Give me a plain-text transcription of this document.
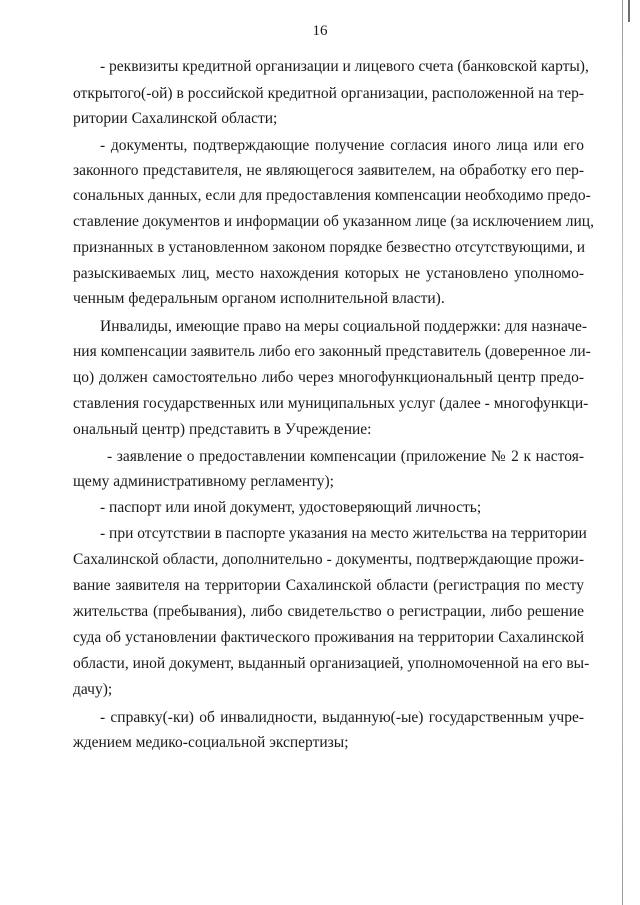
16
- реквизиты кредитной организации и лицевого счета (банковской карты),
открытого(-ой) в российской кредитной организации, расположенной на тер-
ритории Сахалинской области;
- документы, подтверждающие получение согласия иного лица или его
законного представителя, не являющегося заявителем, на обработку его пер-
сональных данных, если для предоставления компенсации необходимо предо-
ставление документов и информации об указанном лице (за исключением лиц,
признанных в установленном законом порядке безвестно отсутствующими, и
разыскиваемых лиц, место нахождения которых не установлено уполномо-
ченным федеральным органом исполнительной власти).
Инвалиды, имеющие право на меры социальной поддержки: для назначе-
ния компенсации заявитель либо его законный представитель (доверенное ли-
цо) должен самостоятельно либо через многофункциональный центр предо-
ставления государственных или муниципальных услуг (далее - многофункци-
ональный центр) представить в Учреждение:
- заявление о предоставлении компенсации (приложение № 2 к настоя-
щему административному регламенту);
- паспорт или иной документ, удостоверяющий личность;
- при отсутствии в паспорте указания на место жительства на территории
Сахалинской области, дополнительно - документы, подтверждающие прожи-
вание заявителя на территории Сахалинской области (регистрация по месту
жительства (пребывания), либо свидетельство о регистрации, либо решение
суда об установлении фактического проживания на территории Сахалинской
области, иной документ, выданный организацией, уполномоченной на его вы-
дачу);
- справку(-ки) об инвалидности, выданную(-ые) государственным учре-
ждением медико-социальной экспертизы;
